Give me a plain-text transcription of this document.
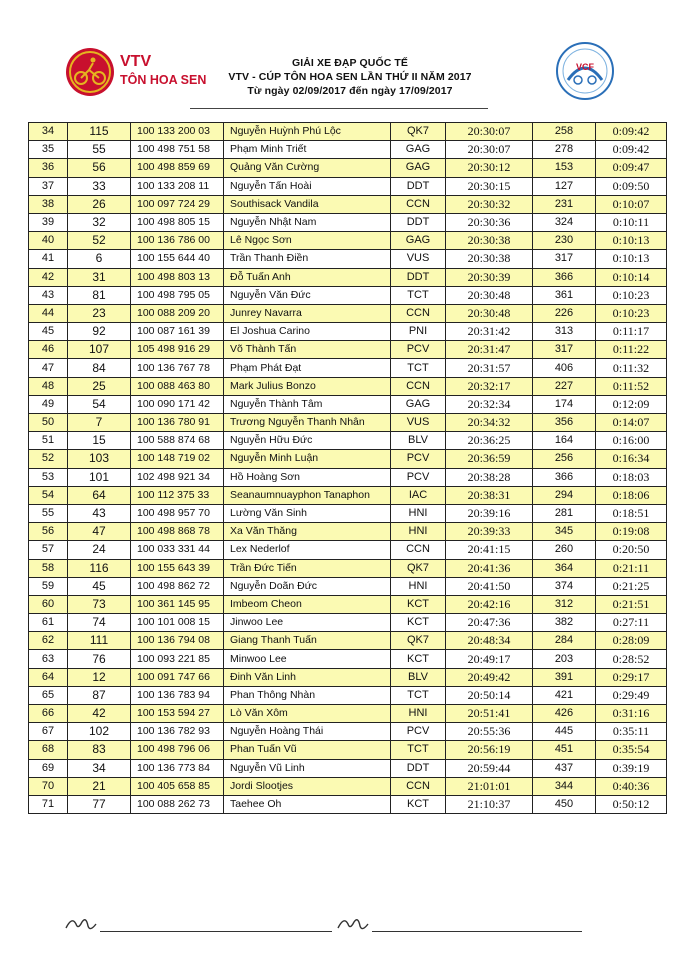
VTV
TÔN HOA SEN
GIẢI XE ĐẠP QUỐC TẾ
VTV - CÚP TÔN HOA SEN LẦN THỨ II NĂM 2017
Từ ngày 02/09/2017 đến ngày 17/09/2017
VCF
34	115	100 133 200 03	Nguyễn Huỳnh Phú Lộc	QK7	20:30:07	258	0:09:42
35	55	100 498 751 58	Phạm Minh Triết	GAG	20:30:07	278	0:09:42
36	56	100 498 859 69	Quảng Văn Cường	GAG	20:30:12	153	0:09:47
37	33	100 133 208 11	Nguyễn Tấn Hoài	DDT	20:30:15	127	0:09:50
38	26	100 097 724 29	Southisack Vandila	CCN	20:30:32	231	0:10:07
39	32	100 498 805 15	Nguyễn Nhật Nam	DDT	20:30:36	324	0:10:11
40	52	100 136 786 00	Lê Ngọc Sơn	GAG	20:30:38	230	0:10:13
41	6	100 155 644 40	Trần Thanh Điền	VUS	20:30:38	317	0:10:13
42	31	100 498 803 13	Đỗ Tuấn Anh	DDT	20:30:39	366	0:10:14
43	81	100 498 795 05	Nguyễn Văn Đức	TCT	20:30:48	361	0:10:23
44	23	100 088 209 20	Junrey Navarra	CCN	20:30:48	226	0:10:23
45	92	100 087 161 39	El Joshua Carino	PNI	20:31:42	313	0:11:17
46	107	105 498 916 29	Võ Thành Tấn	PCV	20:31:47	317	0:11:22
47	84	100 136 767 78	Phạm Phát Đạt	TCT	20:31:57	406	0:11:32
48	25	100 088 463 80	Mark Julius Bonzo	CCN	20:32:17	227	0:11:52
49	54	100 090 171 42	Nguyễn Thành Tâm	GAG	20:32:34	174	0:12:09
50	7	100 136 780 91	Trương Nguyễn Thanh Nhân	VUS	20:34:32	356	0:14:07
51	15	100 588 874 68	Nguyễn Hữu Đức	BLV	20:36:25	164	0:16:00
52	103	100 148 719 02	Nguyễn Minh Luận	PCV	20:36:59	256	0:16:34
53	101	102 498 921 34	Hồ Hoàng Sơn	PCV	20:38:28	366	0:18:03
54	64	100 112 375 33	Seanaumnuayphon Tanaphon	IAC	20:38:31	294	0:18:06
55	43	100 498 957 70	Lường Văn Sinh	HNI	20:39:16	281	0:18:51
56	47	100 498 868 78	Xa Văn Thăng	HNI	20:39:33	345	0:19:08
57	24	100 033 331 44	Lex Nederlof	CCN	20:41:15	260	0:20:50
58	116	100 155 643 39	Trần Đức Tiến	QK7	20:41:36	364	0:21:11
59	45	100 498 862 72	Nguyễn Doãn Đức	HNI	20:41:50	374	0:21:25
60	73	100 361 145 95	Imbeom Cheon	KCT	20:42:16	312	0:21:51
61	74	100 101 008 15	Jinwoo Lee	KCT	20:47:36	382	0:27:11
62	111	100 136 794 08	Giang Thanh Tuấn	QK7	20:48:34	284	0:28:09
63	76	100 093 221 85	Minwoo Lee	KCT	20:49:17	203	0:28:52
64	12	100 091 747 66	Đinh Văn Linh	BLV	20:49:42	391	0:29:17
65	87	100 136 783 94	Phan Thông Nhàn	TCT	20:50:14	421	0:29:49
66	42	100 153 594 27	Lò Văn Xôm	HNI	20:51:41	426	0:31:16
67	102	100 136 782 93	Nguyễn Hoàng Thái	PCV	20:55:36	445	0:35:11
68	83	100 498 796 06	Phan Tuấn Vũ	TCT	20:56:19	451	0:35:54
69	34	100 136 773 84	Nguyễn Vũ Linh	DDT	20:59:44	437	0:39:19
70	21	100 405 658 85	Jordi Slootjes	CCN	21:01:01	344	0:40:36
71	77	100 088 262 73	Taehee Oh	KCT	21:10:37	450	0:50:12
